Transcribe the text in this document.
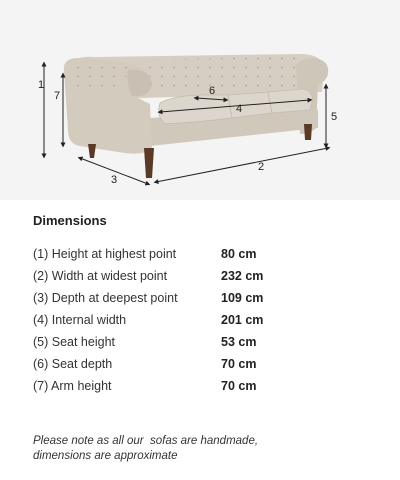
1
7	6
4
5
2
3
Dimensions
(1) Height at highest point	80 cm
(2) Width at widest point	232 cm
(3) Depth at deepest point	109 cm
(4) Internal width	201 cm
(5) Seat height	53 cm
(6) Seat depth	70 cm
(7) Arm height	70 cm
Please note as all our  sofas are handmade,
dimensions are approximate
